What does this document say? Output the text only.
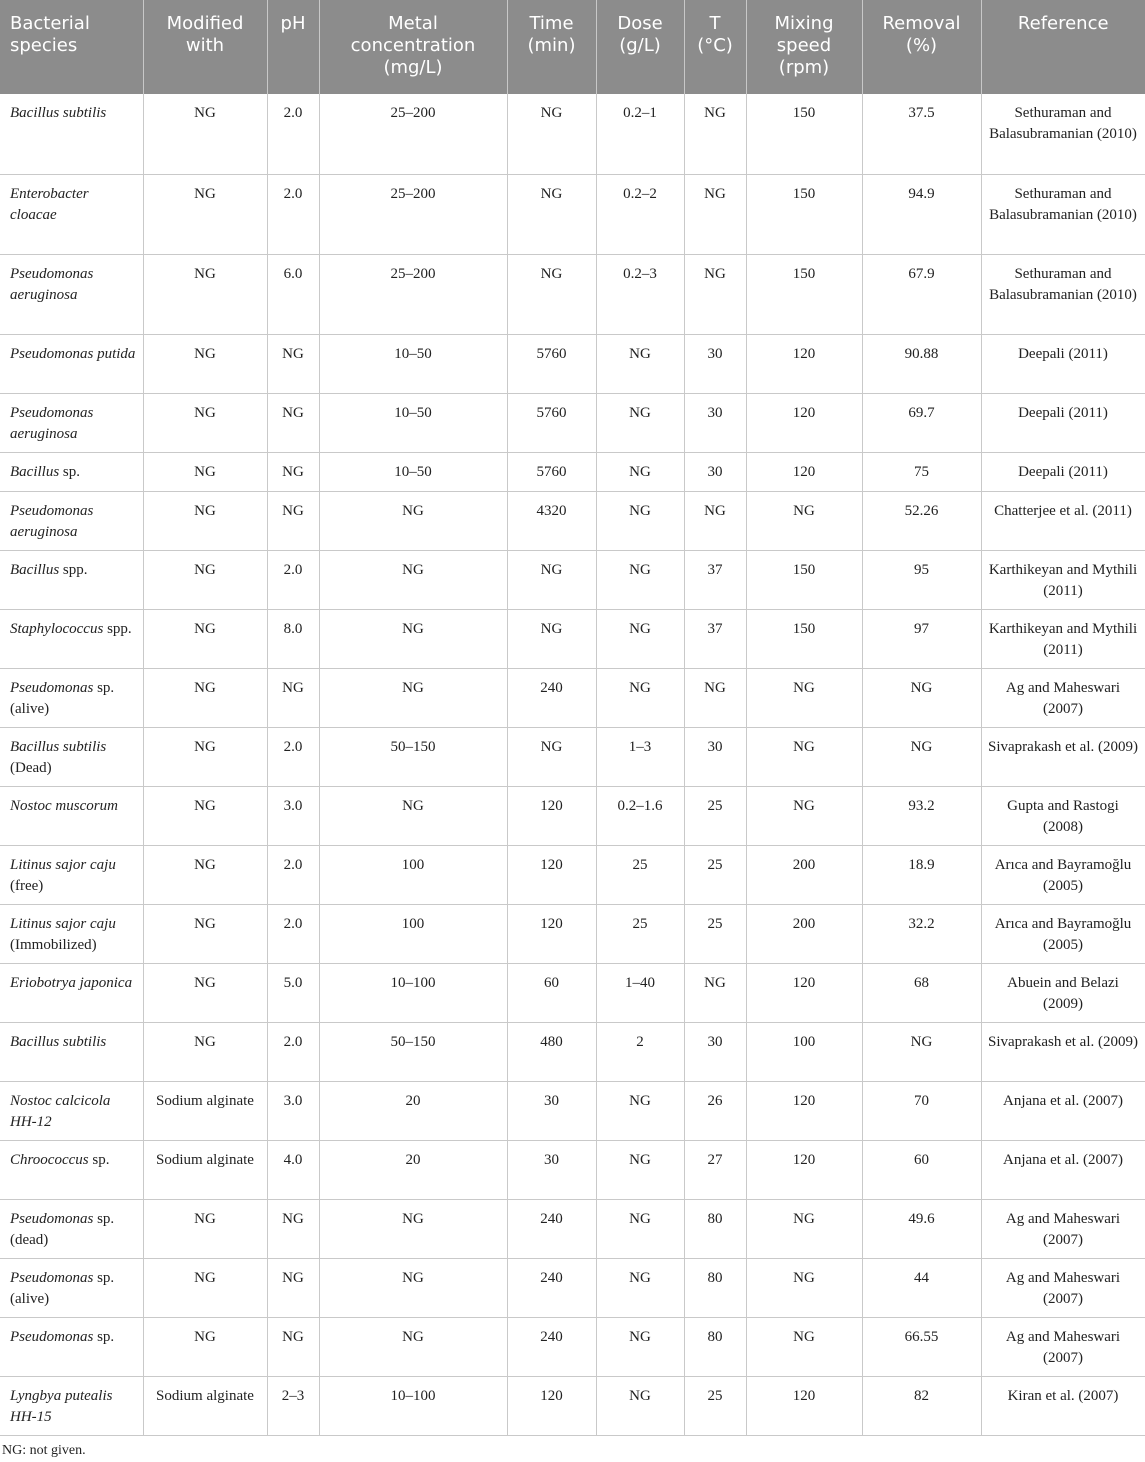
Bacterial species	Modified with	pH	Metal concentration (mg/L)	Time (min)	Dose (g/L)	T (°C)	Mixing speed (rpm)	Removal (%)	Reference
Bacillus subtilis	NG	2.0	25–200	NG	0.2–1	NG	150	37.5	Sethuraman and Balasubramanian (2010)
Enterobacter cloacae	NG	2.0	25–200	NG	0.2–2	NG	150	94.9	Sethuraman and Balasubramanian (2010)
Pseudomonas aeruginosa	NG	6.0	25–200	NG	0.2–3	NG	150	67.9	Sethuraman and Balasubramanian (2010)
Pseudomonas putida	NG	NG	10–50	5760	NG	30	120	90.88	Deepali (2011)
Pseudomonas aeruginosa	NG	NG	10–50	5760	NG	30	120	69.7	Deepali (2011)
Bacillus sp.	NG	NG	10–50	5760	NG	30	120	75	Deepali (2011)
Pseudomonas aeruginosa	NG	NG	NG	4320	NG	NG	NG	52.26	Chatterjee et al. (2011)
Bacillus spp.	NG	2.0	NG	NG	NG	37	150	95	Karthikeyan and Mythili (2011)
Staphylococcus spp.	NG	8.0	NG	NG	NG	37	150	97	Karthikeyan and Mythili (2011)
Pseudomonas sp. (alive)	NG	NG	NG	240	NG	NG	NG	NG	Ag and Maheswari (2007)
Bacillus subtilis (Dead)	NG	2.0	50–150	NG	1–3	30	NG	NG	Sivaprakash et al. (2009)
Nostoc muscorum	NG	3.0	NG	120	0.2–1.6	25	NG	93.2	Gupta and Rastogi (2008)
Litinus sajor caju (free)	NG	2.0	100	120	25	25	200	18.9	Arıca and Bayramoğlu (2005)
Litinus sajor caju (Immobilized)	NG	2.0	100	120	25	25	200	32.2	Arıca and Bayramoğlu (2005)
Eriobotrya japonica	NG	5.0	10–100	60	1–40	NG	120	68	Abuein and Belazi (2009)
Bacillus subtilis	NG	2.0	50–150	480	2	30	100	NG	Sivaprakash et al. (2009)
Nostoc calcicola HH-12	Sodium alginate	3.0	20	30	NG	26	120	70	Anjana et al. (2007)
Chroococcus sp.	Sodium alginate	4.0	20	30	NG	27	120	60	Anjana et al. (2007)
Pseudomonas sp. (dead)	NG	NG	NG	240	NG	80	NG	49.6	Ag and Maheswari (2007)
Pseudomonas sp. (alive)	NG	NG	NG	240	NG	80	NG	44	Ag and Maheswari (2007)
Pseudomonas sp.	NG	NG	NG	240	NG	80	NG	66.55	Ag and Maheswari (2007)
Lyngbya putealis HH-15	Sodium alginate	2–3	10–100	120	NG	25	120	82	Kiran et al. (2007)
NG: not given.
